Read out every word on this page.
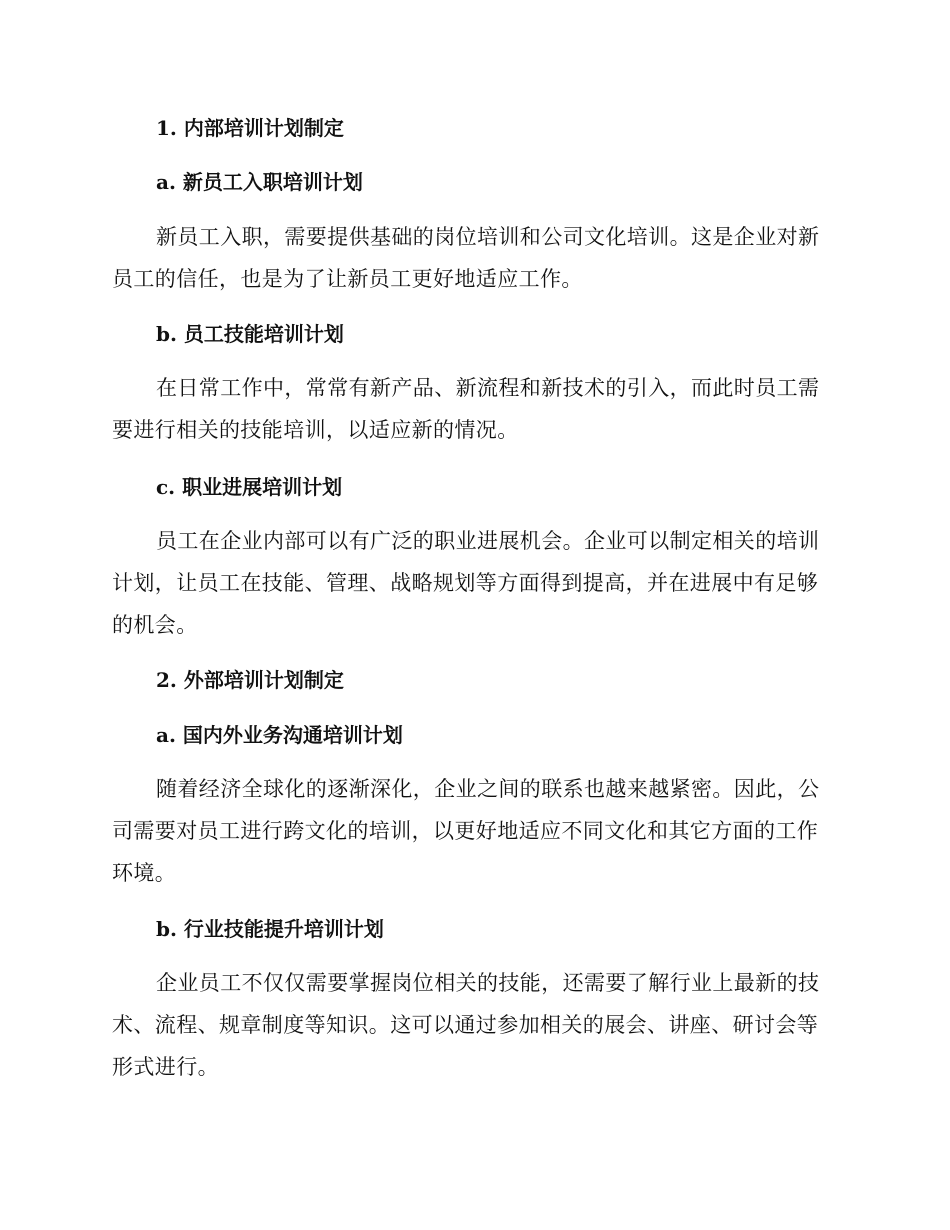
1. 内部培训计划制定
a. 新员工入职培训计划

新员工入职，需要提供基础的岗位培训和公司文化培训。这是企业对新员工的信任，也是为了让新员工更好地适应工作。

b. 员工技能培训计划

在日常工作中，常常有新产品、新流程和新技术的引入，而此时员工需要进行相关的技能培训，以适应新的情况。

c. 职业进展培训计划

员工在企业内部可以有广泛的职业进展机会。企业可以制定相关的培训计划，让员工在技能、管理、战略规划等方面得到提高，并在进展中有足够的机会。

2. 外部培训计划制定
a. 国内外业务沟通培训计划

随着经济全球化的逐渐深化，企业之间的联系也越来越紧密。因此，公司需要对员工进行跨文化的培训，以更好地适应不同文化和其它方面的工作环境。

b. 行业技能提升培训计划

企业员工不仅仅需要掌握岗位相关的技能，还需要了解行业上最新的技术、流程、规章制度等知识。这可以通过参加相关的展会、讲座、研讨会等形式进行。
